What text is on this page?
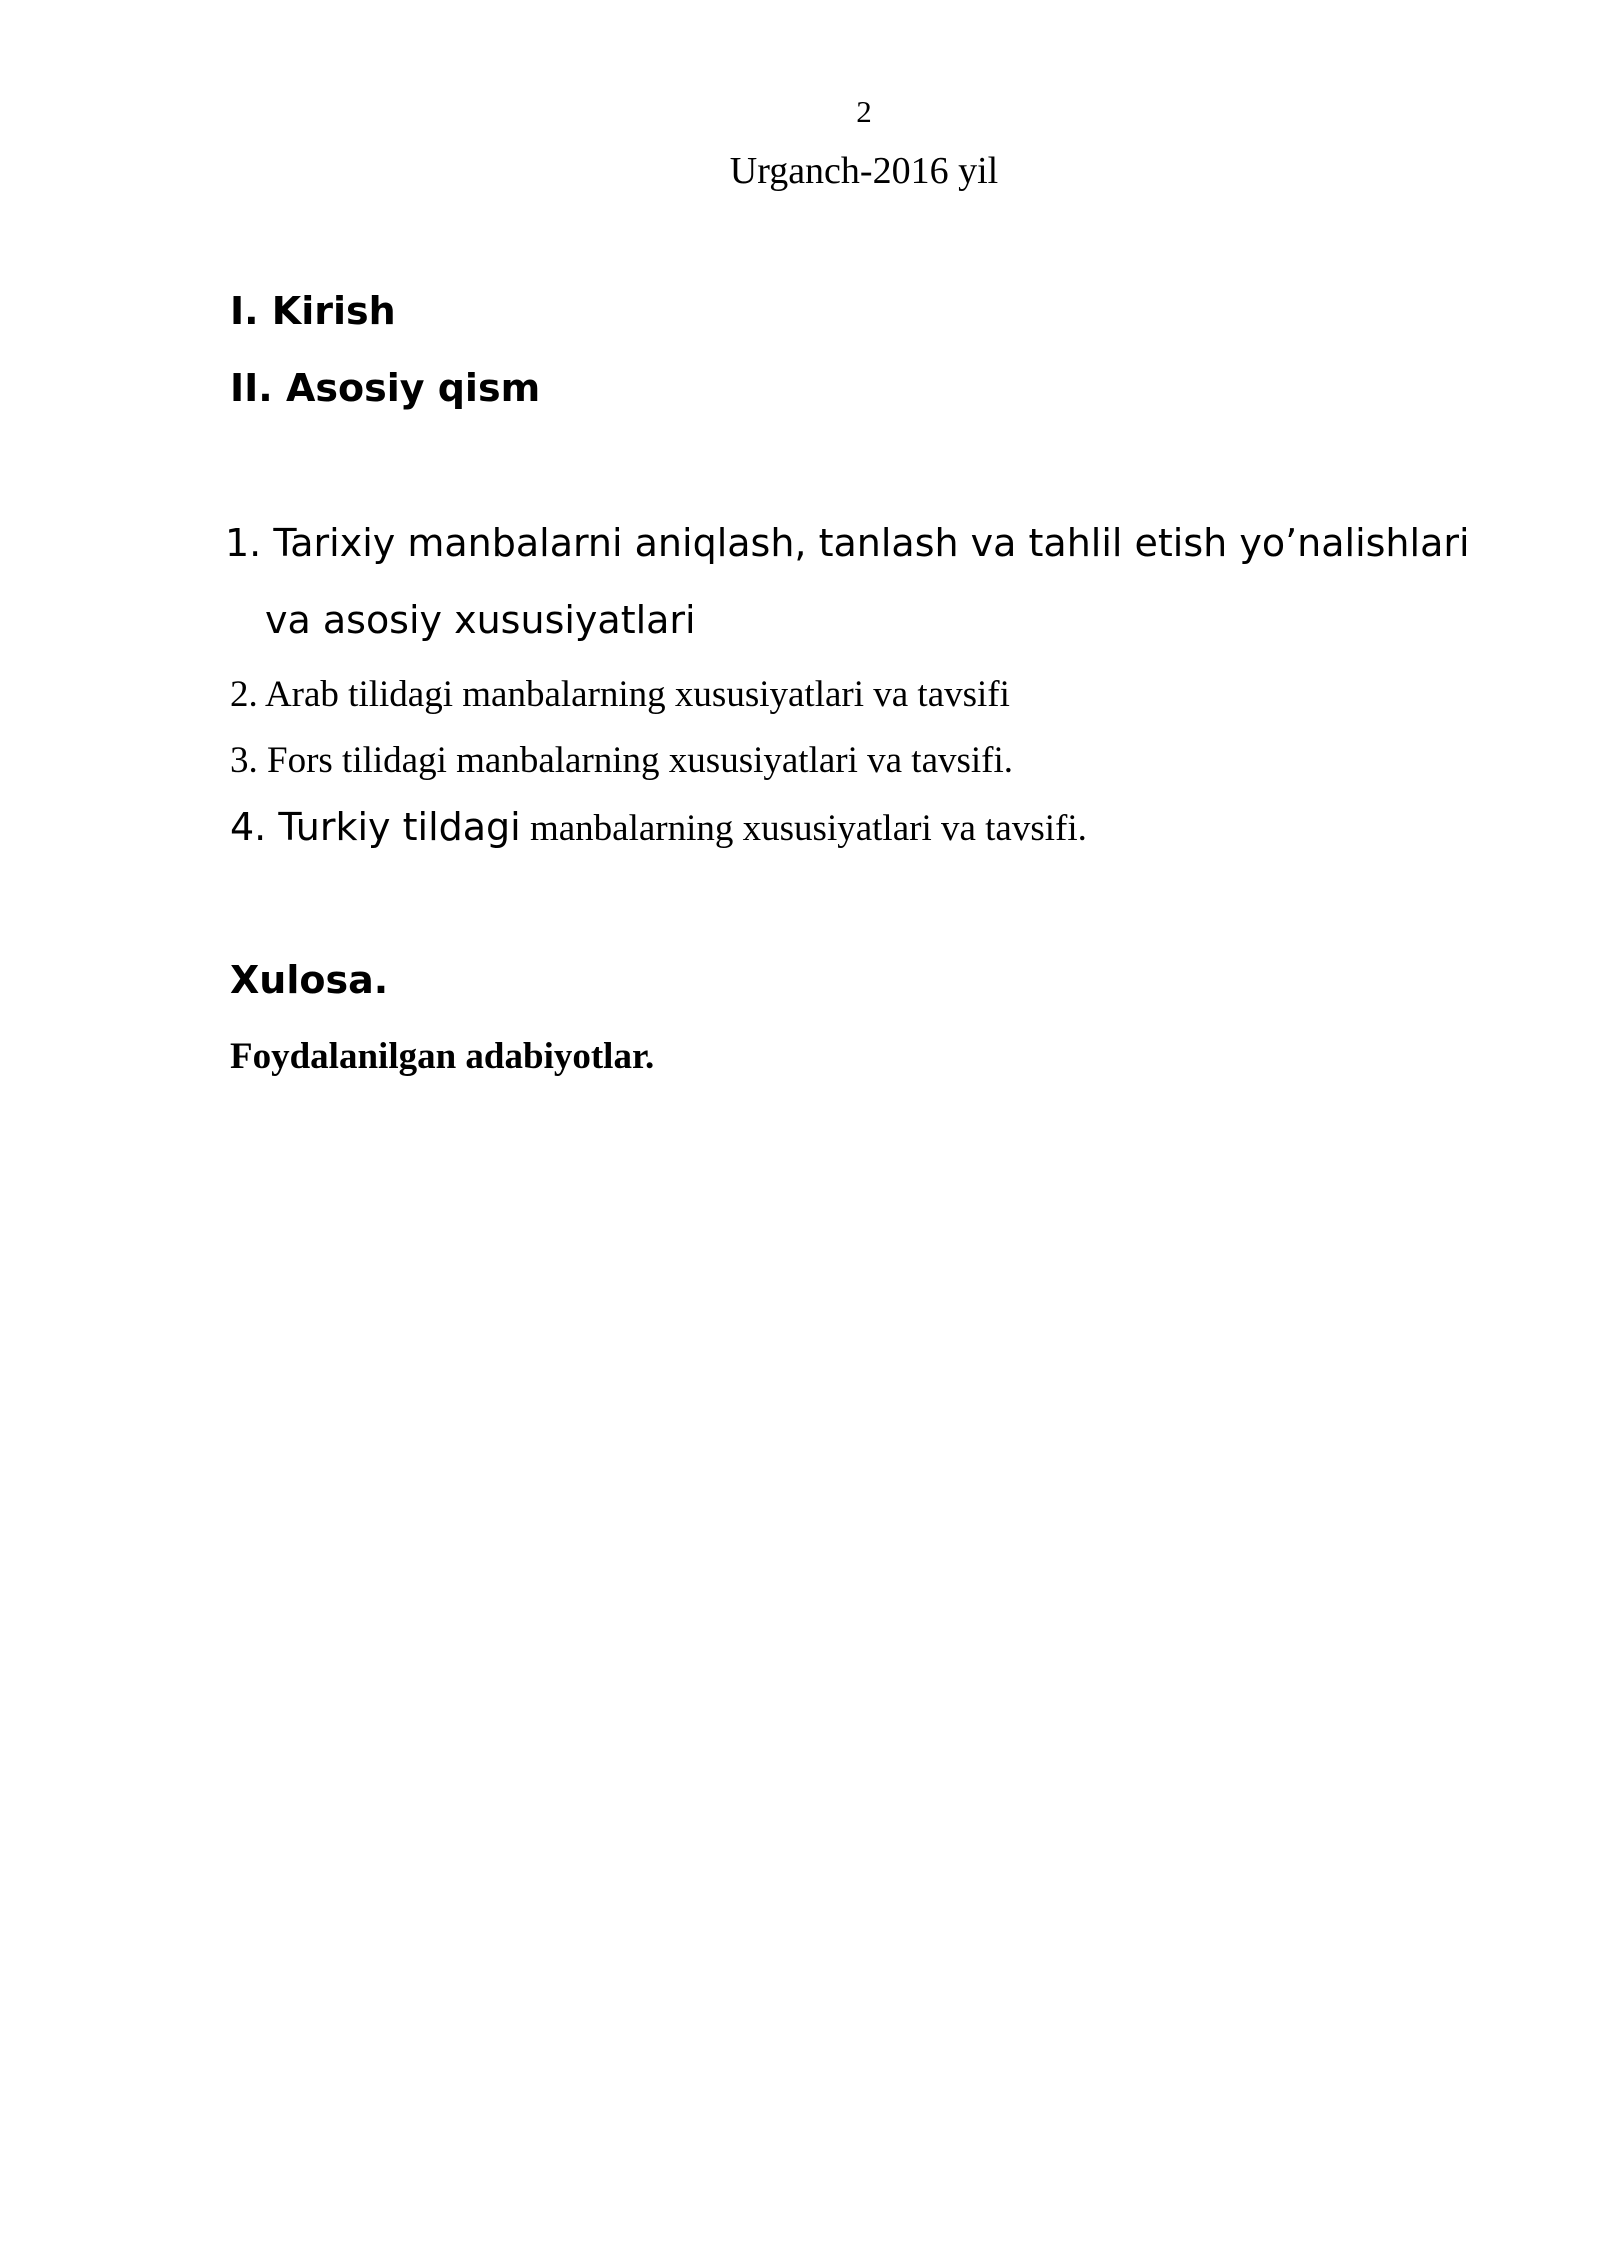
2
Urganch-2016 yil
I. Kirish
II. Asosiy qism
1. Tarixiy manbalarni aniqlash, tanlash va tahlil etish yo’nalishlari
va asosiy xususiyatlari
2. Arab tilidagi manbalarning xususiyatlari va tavsifi
3. Fors tilidagi manbalarning xususiyatlari va tavsifi.
4. Turkiy tildagi manbalarning xususiyatlari va tavsifi.
Xulosa.
Foydalanilgan adabiyotlar.
